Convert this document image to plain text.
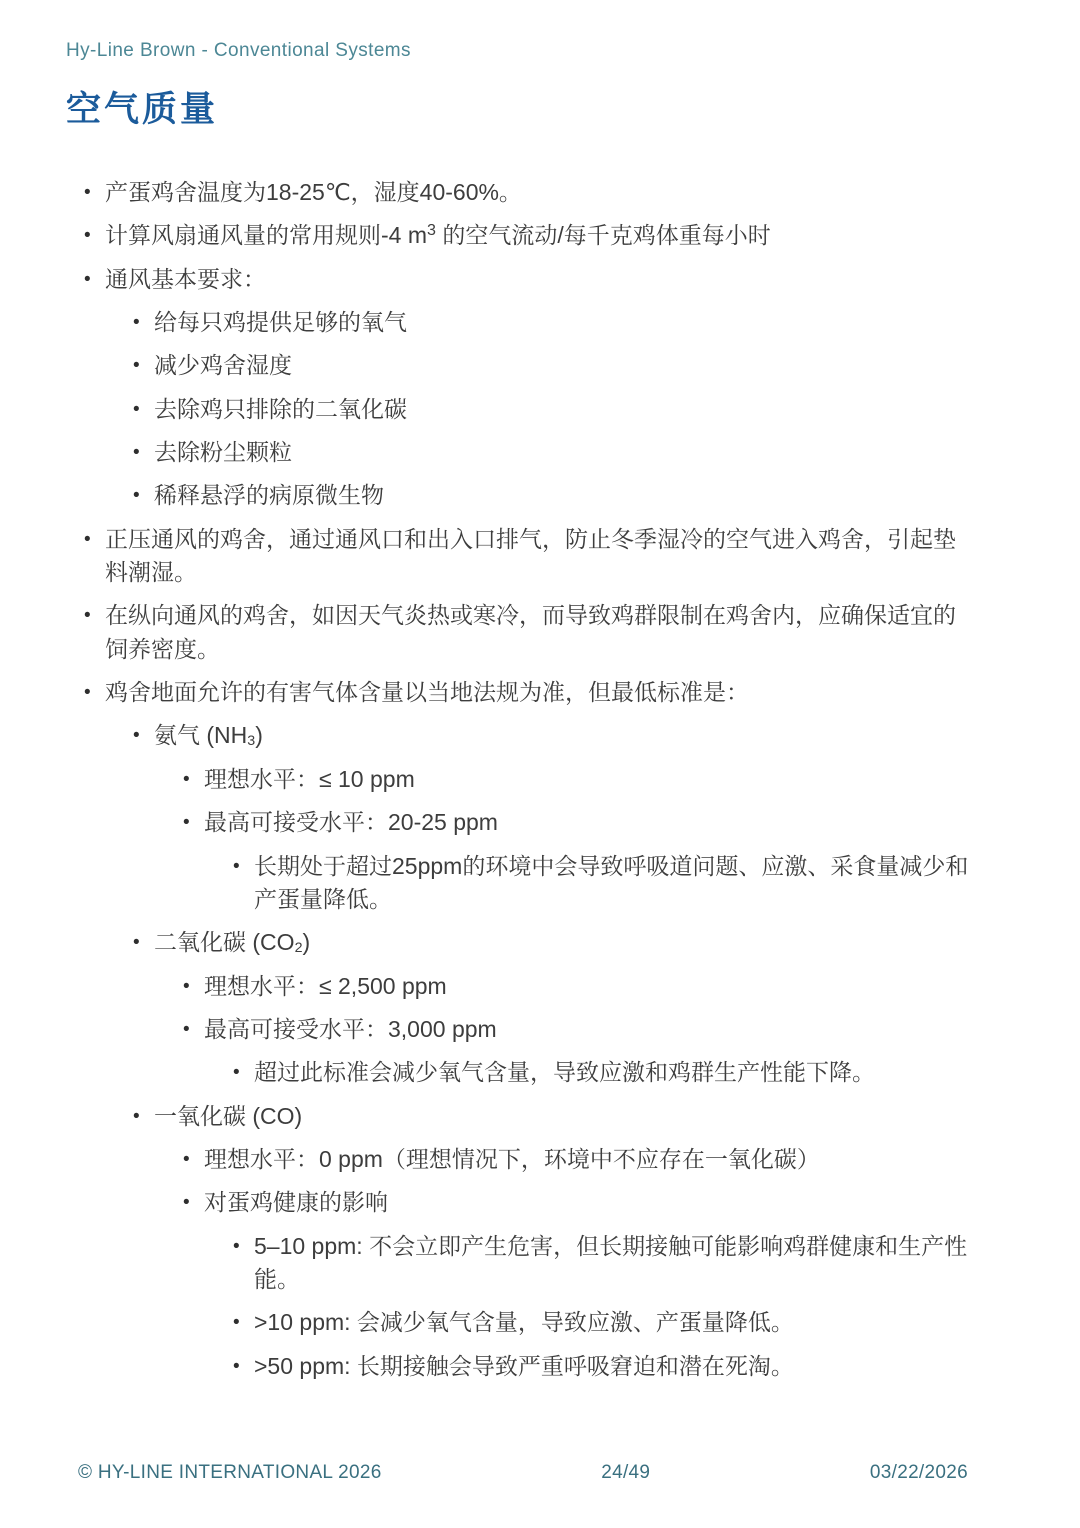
Hy-Line Brown - Conventional Systems
空气质量
• 产蛋鸡舍温度为18-25℃，湿度40-60%。
• 计算风扇通风量的常用规则-4 $m^3$ 的空气流动/每千克鸡体重每小时
• 通风基本要求：
• 给每只鸡提供足够的氧气
• 减少鸡舍湿度
• 去除鸡只排除的二氧化碳
• 去除粉尘颗粒
• 稀释悬浮的病原微生物
• 正压通风的鸡舍，通过通风口和出入口排气，防止冬季湿冷的空气进入鸡舍，引起垫料潮湿。
• 在纵向通风的鸡舍，如因天气炎热或寒冷，而导致鸡群限制在鸡舍内，应确保适宜的饲养密度。
• 鸡舍地面允许的有害气体含量以当地法规为准，但最低标准是：
• 氨气 $(NH_3)$
• 理想水平：≤ 10 ppm
• 最高可接受水平：20-25 ppm
• 长期处于超过25ppm的环境中会导致呼吸道问题、应激、采食量减少和产蛋量降低。
• 二氧化碳 $(CO_2)$
• 理想水平：≤ 2,500 ppm
• 最高可接受水平：3,000 ppm
• 超过此标准会减少氧气含量，导致应激和鸡群生产性能下降。
• 一氧化碳 (CO)
• 理想水平：0 ppm（理想情况下，环境中不应存在一氧化碳）
• 对蛋鸡健康的影响
• 5–10 ppm: 不会立即产生危害，但长期接触可能影响鸡群健康和生产性能。
• >10 ppm: 会减少氧气含量，导致应激、产蛋量降低。
• >50 ppm: 长期接触会导致严重呼吸窘迫和潜在死淘。
© HY-LINE INTERNATIONAL 2026	24/49	03/22/2026
